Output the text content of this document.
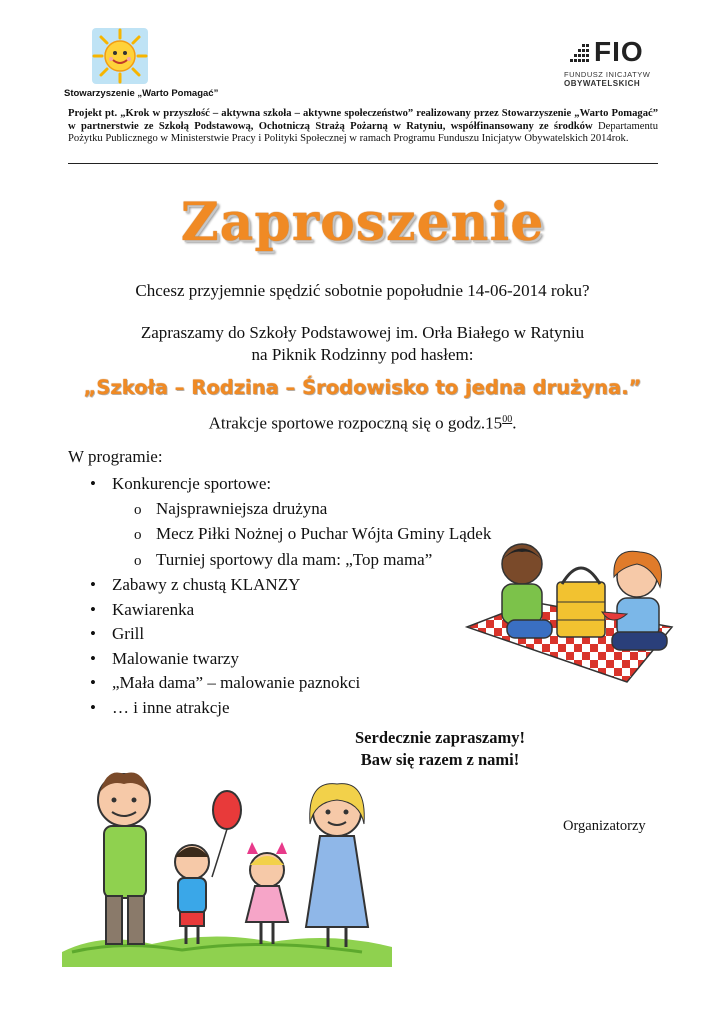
Stowarzyszenie „Warto Pomagać”
FIO
FUNDUSZ INICJATYW
OBYWATELSKICH
Projekt pt. „Krok w przyszłość – aktywna szkoła – aktywne społeczeństwo” realizowany przez Stowarzyszenie „Warto Pomagać” w partnerstwie ze Szkołą Podstawową, Ochotniczą Strażą Pożarną w Ratyniu, współfinansowany ze środków Departamentu Pożytku Publicznego w Ministerstwie Pracy i Polityki Społecznej w ramach Programu Funduszu Inicjatyw Obywatelskich 2014rok.
Zaproszenie
Chcesz przyjemnie spędzić sobotnie popołudnie 14-06-2014 roku?
Zapraszamy do Szkoły Podstawowej im. Orła Białego w Ratyniu
na Piknik Rodzinny pod hasłem:
„Szkoła – Rodzina – Środowisko to jedna drużyna.”
Atrakcje sportowe rozpoczną się o $godz.15^{00}$.
W programie:
• Konkurencje sportowe:
o Najsprawniejsza drużyna
o Mecz Piłki Nożnej o Puchar Wójta Gminy Lądek
o Turniej sportowy dla mam: „Top mama”
• Zabawy z chustą KLANZY
• Kawiarenka
• Grill
• Malowanie twarzy
• „Mała dama” – malowanie paznokci
• … i inne atrakcje
Serdecznie zapraszamy!
Baw się razem z nami!
Organizatorzy
